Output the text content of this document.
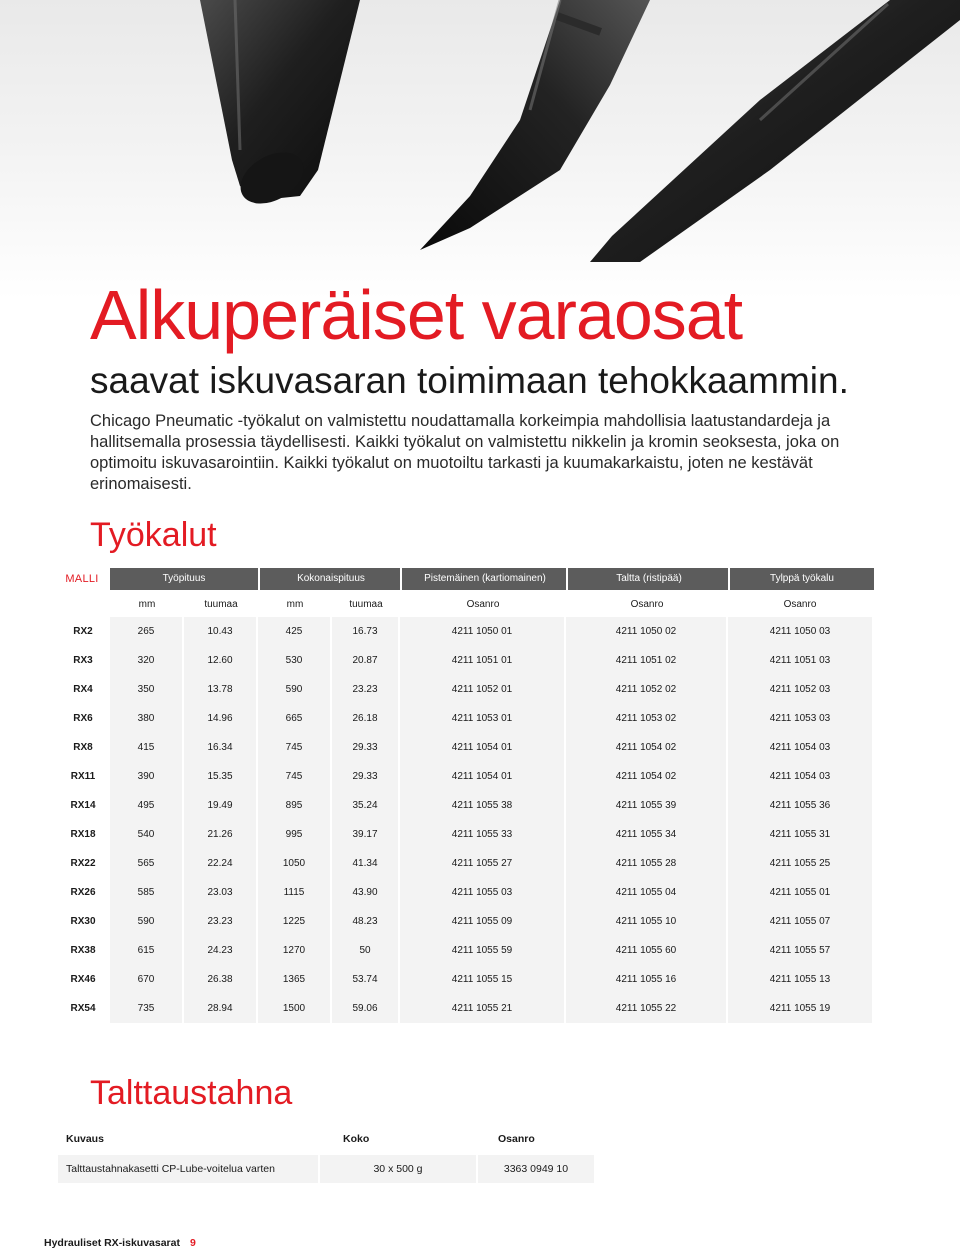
Alkuperäiset varaosat
saavat iskuvasaran toimimaan tehokkaammin.

Chicago Pneumatic -työkalut on valmistettu noudattamalla korkeimpia mahdollisia laatustandardeja ja hallitsemalla prosessia täydellisesti. Kaikki työkalut on valmistettu nikkelin ja kromin seoksesta, joka on optimoitu iskuvasarointiin. Kaikki työkalut on muotoiltu tarkasti ja kuumakarkaistu, joten ne kestävät erinomaisesti.

Työkalut
MALLI	Työpituus	Kokonaispituus	Pistemäinen (kartiomainen)	Taltta (ristipää)	Tylppä työkalu
mm	tuumaa	mm	tuumaa	Osanro	Osanro	Osanro
RX2	265	10.43	425	16.73	4211 1050 01	4211 1050 02	4211 1050 03
RX3	320	12.60	530	20.87	4211 1051 01	4211 1051 02	4211 1051 03
RX4	350	13.78	590	23.23	4211 1052 01	4211 1052 02	4211 1052 03
RX6	380	14.96	665	26.18	4211 1053 01	4211 1053 02	4211 1053 03
RX8	415	16.34	745	29.33	4211 1054 01	4211 1054 02	4211 1054 03
RX11	390	15.35	745	29.33	4211 1054 01	4211 1054 02	4211 1054 03
RX14	495	19.49	895	35.24	4211 1055 38	4211 1055 39	4211 1055 36
RX18	540	21.26	995	39.17	4211 1055 33	4211 1055 34	4211 1055 31
RX22	565	22.24	1050	41.34	4211 1055 27	4211 1055 28	4211 1055 25
RX26	585	23.03	1115	43.90	4211 1055 03	4211 1055 04	4211 1055 01
RX30	590	23.23	1225	48.23	4211 1055 09	4211 1055 10	4211 1055 07
RX38	615	24.23	1270	50	4211 1055 59	4211 1055 60	4211 1055 57
RX46	670	26.38	1365	53.74	4211 1055 15	4211 1055 16	4211 1055 13
RX54	735	28.94	1500	59.06	4211 1055 21	4211 1055 22	4211 1055 19
Talttaustahna
Kuvaus	Koko	Osanro
Talttaustahnakasetti CP-Lube-voitelua varten	30 x 500 g	3363 0949 10
Hydrauliset RX-iskuvasarat 9
